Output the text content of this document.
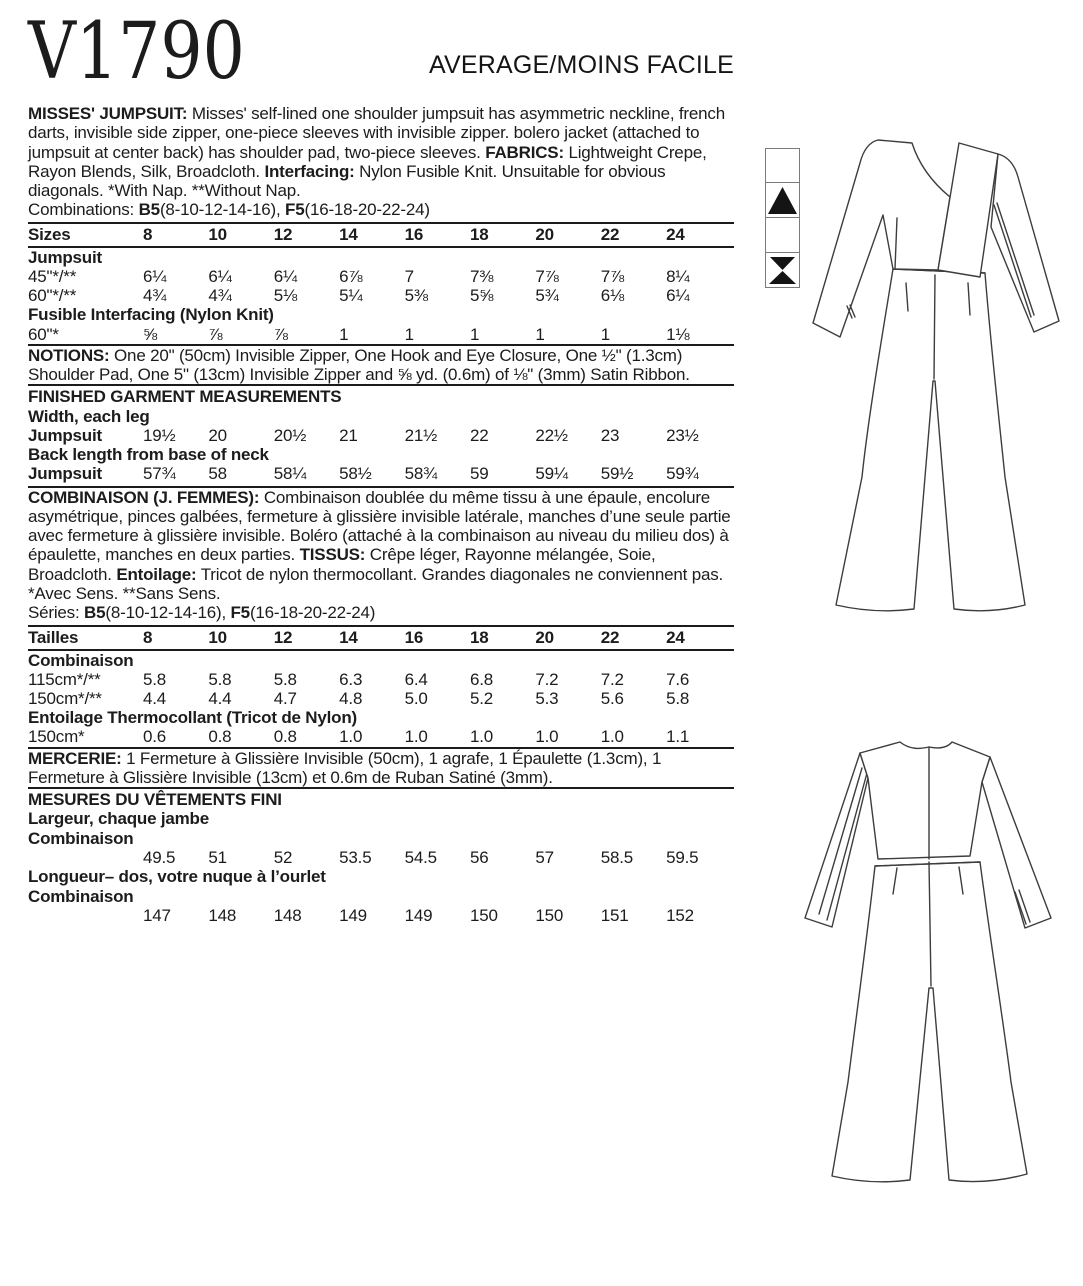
V1790	AVERAGE/MOINS FACILE

MISSES' JUMPSUIT: Misses' self-lined one shoulder jumpsuit has asymmetric neckline, french darts, invisible side zipper, one-piece sleeves with invisible zipper. bolero jacket (attached to jumpsuit at center back) has shoulder pad, two-piece sleeves. FABRICS: Lightweight Crepe, Rayon Blends, Silk, Broadcloth. Interfacing: Nylon Fusible Knit. Unsuitable for obvious diagonals. *With Nap. **Without Nap.

Combinations: B5(8-10-12-14-16), F5(16-18-20-22-24)

Sizes	8	10	12	14	16	18	20	22	24
Jumpsuit
45"*/**	6¼	6¼	6¼	6⅞	7	7⅜	7⅞	7⅞	8¼
60"*/**	4¾	4¾	5⅛	5¼	5⅜	5⅝	5¾	6⅛	6¼
Fusible Interfacing (Nylon Knit)
60"*	⅝	⅞	⅞	1	1	1	1	1	1⅛

NOTIONS: One 20" (50cm) Invisible Zipper, One Hook and Eye Closure, One ½" (1.3cm) Shoulder Pad, One 5" (13cm) Invisible Zipper and ⅝ yd. (0.6m) of ⅛" (3mm) Satin Ribbon.

FINISHED GARMENT MEASUREMENTS
Width, each leg
Jumpsuit	19½	20	20½	21	21½	22	22½	23	23½
Back length from base of neck
Jumpsuit	57¾	58	58¼	58½	58¾	59	59¼	59½	59¾

COMBINAISON (J. FEMMES): Combinaison doublée du même tissu à une épaule, encolure asymétrique, pinces galbées, fermeture à glissière invisible latérale, manches d’une seule partie avec fermeture à glissière invisible. Boléro (attaché à la combinaison au niveau du milieu dos) à épaulette, manches en deux parties. TISSUS: Crêpe léger, Rayonne mélangée, Soie, Broadcloth. Entoilage: Tricot de nylon thermocollant. Grandes diagonales ne conviennent pas. *Avec Sens. **Sans Sens.

Séries: B5(8-10-12-14-16), F5(16-18-20-22-24)

Tailles	8	10	12	14	16	18	20	22	24
Combinaison
115cm*/**	5.8	5.8	5.8	6.3	6.4	6.8	7.2	7.2	7.6
150cm*/**	4.4	4.4	4.7	4.8	5.0	5.2	5.3	5.6	5.8
Entoilage Thermocollant (Tricot de Nylon)
150cm*	0.6	0.8	0.8	1.0	1.0	1.0	1.0	1.0	1.1

MERCERIE: 1 Fermeture à Glissière Invisible (50cm), 1 agrafe, 1 Épaulette (1.3cm), 1 Fermeture à Glissière Invisible (13cm) et 0.6m de Ruban Satiné (3mm).

MESURES DU VÊTEMENTS FINI
Largeur, chaque jambe
Combinaison
49.5	51	52	53.5	54.5	56	57	58.5	59.5
Longueur– dos, votre nuque à l’ourlet
Combinaison
147	148	148	149	149	150	150	151	152
